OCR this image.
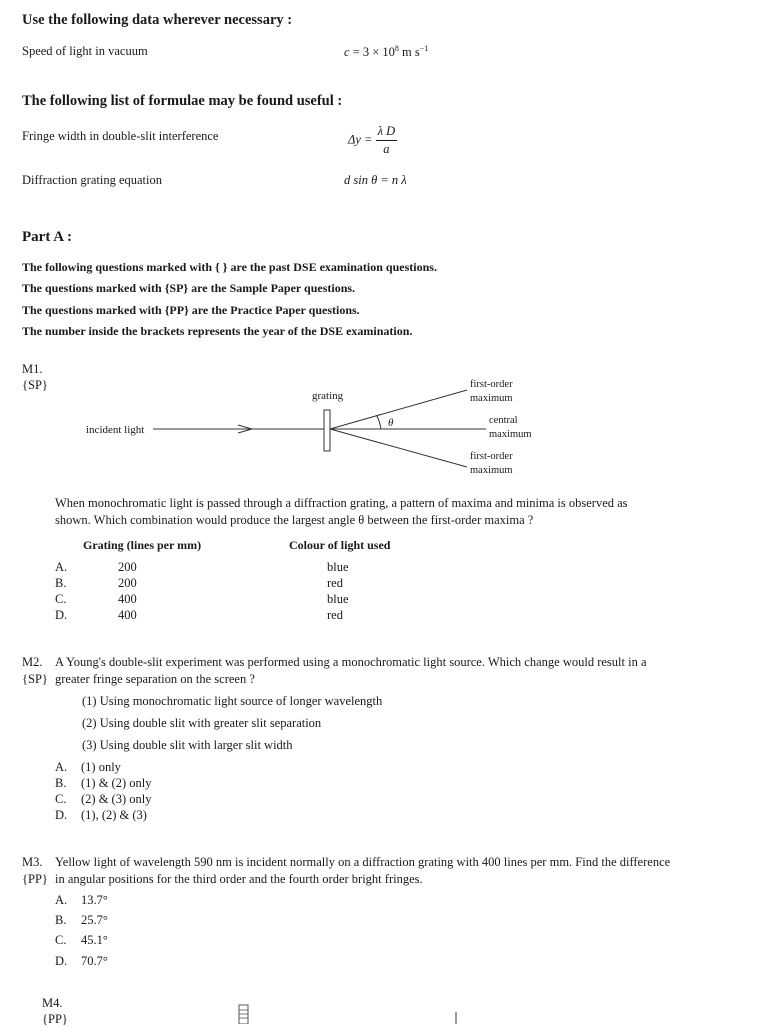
Use the following data wherever necessary :
Speed of light in vacuum	$c = 3 \times 10^8$ m $s^{-1}$
The following list of formulae may be found useful :
Fringe width in double-slit interference	$\Delta y = \frac{\text{λ D}}{a}$
Diffraction grating equation	d sin θ = n λ
Part A :
The following questions marked with { } are the past DSE examination questions.
The questions marked with {SP} are the Sample Paper questions.
The questions marked with {PP} are the Practice Paper questions.
The number inside the brackets represents the year of the DSE examination.
M1.
{SP}
grating
incident light
θ
first-order
maximum
central
maximum
first-order
maximum
When monochromatic light is passed through a diffraction grating, a pattern of maxima and minima is observed as
shown. Which combination would produce the largest angle θ between the first-order maxima ?
Grating (lines per mm)	Colour of light used
A.	200	blue
B.	200	red
C.	400	blue
D.	400	red
M2.
{SP}
A Young's double-slit experiment was performed using a monochromatic light source. Which change would result in a
greater fringe separation on the screen ?
(1) Using monochromatic light source of longer wavelength
(2) Using double slit with greater slit separation
(3) Using double slit with larger slit width
A. (1) only
B. (1) & (2) only
C. (2) & (3) only
D. (1), (2) & (3)
M3.
{PP}
Yellow light of wavelength 590 nm is incident normally on a diffraction grating with 400 lines per mm. Find the difference
in angular positions for the third order and the fourth order bright fringes.
A. 13.7°
B. 25.7°
C. 45.1°
D. 70.7°
M4.
{PP}
